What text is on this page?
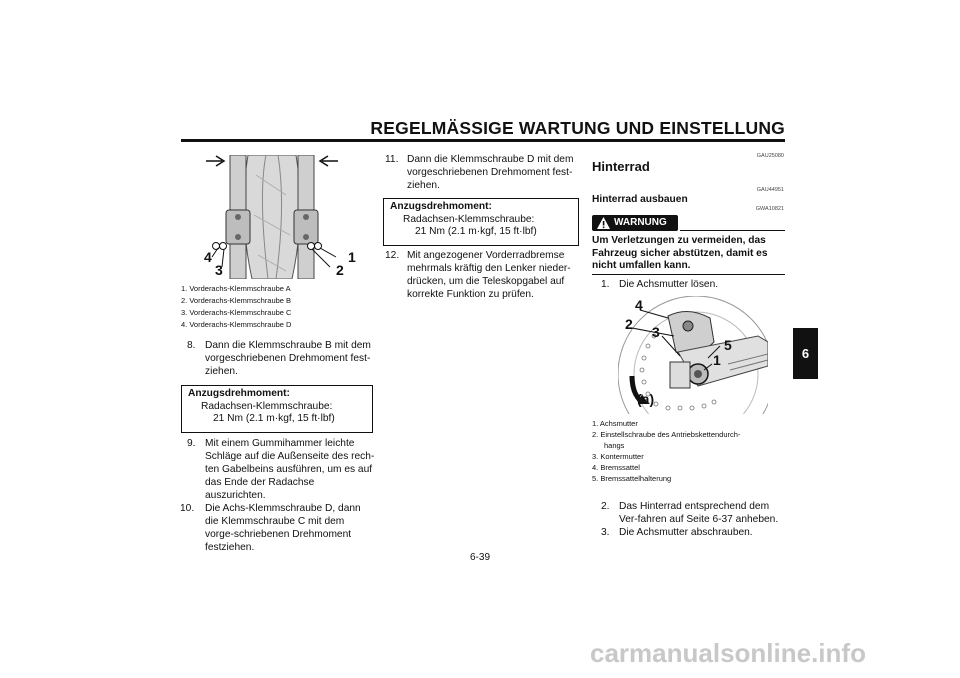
REGELMÄSSIGE WARTUNG UND EINSTELLUNG
6
4	1
3	2
1. Vorderachs-Klemmschraube A
2. Vorderachs-Klemmschraube B
3. Vorderachs-Klemmschraube C
4. Vorderachs-Klemmschraube D
8. Dann die Klemmschraube B mit dem vorgeschriebenen Drehmoment fest-ziehen.
Anzugsdrehmoment:
Radachsen-Klemmschraube:
21 Nm (2.1 m·kgf, 15 ft·lbf)
9. Mit einem Gummihammer leichte Schläge auf die Außenseite des rech-ten Gabelbeins ausführen, um es auf das Ende der Radachse auszurichten.
10. Die Achs-Klemmschraube D, dann die Klemmschraube C mit dem vorge-schriebenen Drehmoment festziehen.
11. Dann die Klemmschraube D mit dem vorgeschriebenen Drehmoment fest-ziehen.
Anzugsdrehmoment:
Radachsen-Klemmschraube:
21 Nm (2.1 m·kgf, 15 ft·lbf)
12. Mit angezogener Vorderradbremse mehrmals kräftig den Lenker nieder-drücken, um die Teleskopgabel auf korrekte Funktion zu prüfen.
GAU25080
Hinterrad
GAU44951
Hinterrad ausbauen
GWA10821
WARNUNG
Um Verletzungen zu vermeiden, das Fahrzeug sicher abstützen, damit es nicht umfallen kann.
1. Die Achsmutter lösen.
4
2 3
5
1
(a)
1. Achsmutter
2. Einstellschraube des Antriebskettendurch-
hangs
3. Kontermutter
4. Bremssattel
5. Bremssattelhalterung
2. Das Hinterrad entsprechend dem Ver-fahren auf Seite 6-37 anheben.
3. Die Achsmutter abschrauben.
6-39
carmanualsonline.info
